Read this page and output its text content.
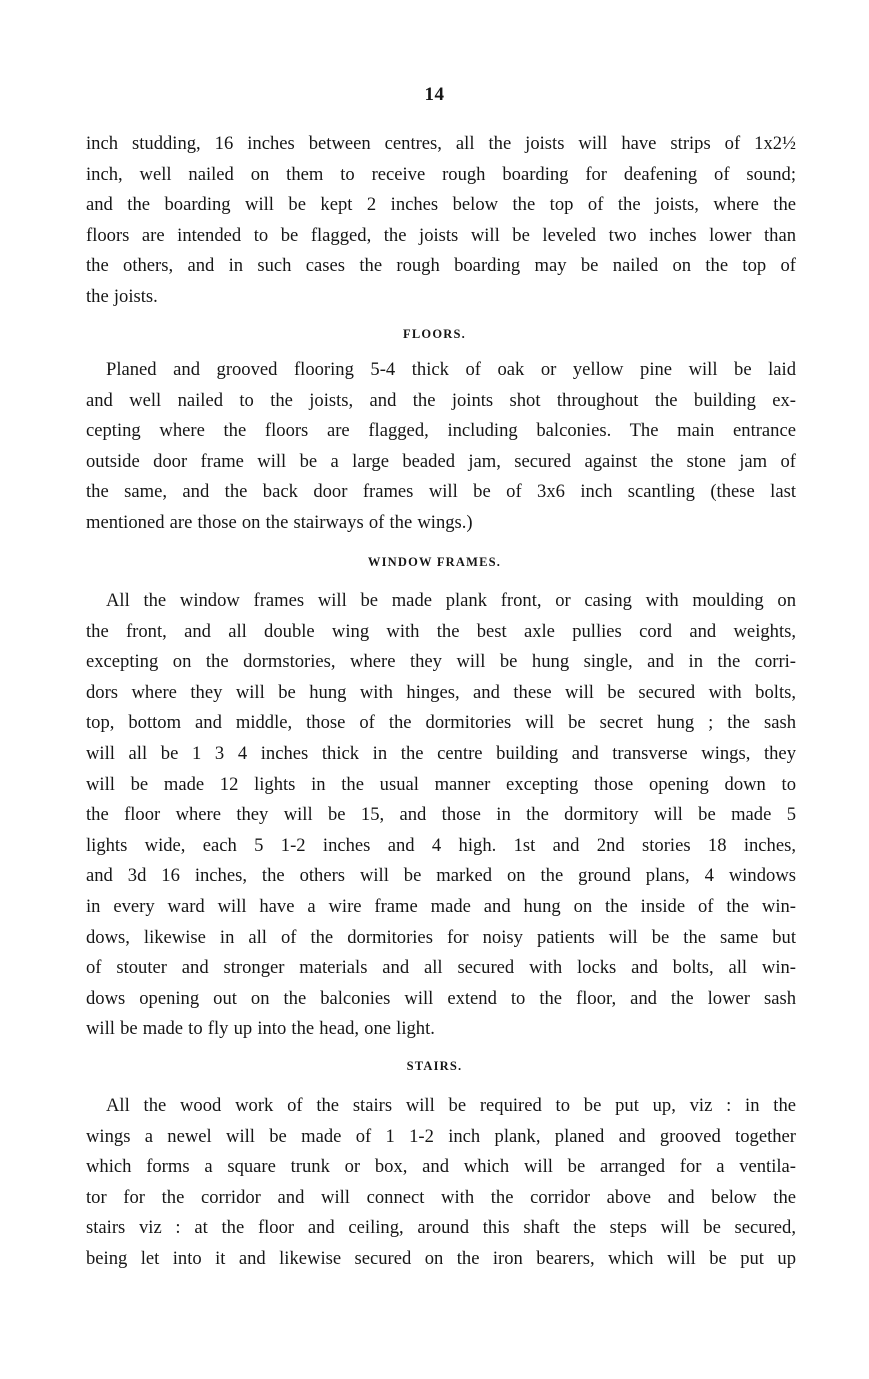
14
inch studding, 16 inches between centres, all the joists will have strips of 1x2½
inch, well nailed on them to receive rough boarding for deafening of sound;
and the boarding will be kept 2 inches below the top of the joists, where the
floors are intended to be flagged, the joists will be leveled two inches lower than
the others, and in such cases the rough boarding may be nailed on the top of
the joists.
FLOORS.
Planed and grooved flooring 5-4 thick of oak or yellow pine will be laid
and well nailed to the joists, and the joints shot throughout the building ex-
cepting where the floors are flagged, including balconies. The main entrance
outside door frame will be a large beaded jam, secured against the stone jam of
the same, and the back door frames will be of 3x6 inch scantling (these last
mentioned are those on the stairways of the wings.)
WINDOW FRAMES.
All the window frames will be made plank front, or casing with moulding on
the front, and all double wing with the best axle pullies cord and weights,
excepting on the dormstories, where they will be hung single, and in the corri-
dors where they will be hung with hinges, and these will be secured with bolts,
top, bottom and middle, those of the dormitories will be secret hung ; the sash
will all be 1 3 4 inches thick in the centre building and transverse wings, they
will be made 12 lights in the usual manner excepting those opening down to
the floor where they will be 15, and those in the dormitory will be made 5
lights wide, each 5 1-2 inches and 4 high. 1st and 2nd stories 18 inches,
and 3d 16 inches, the others will be marked on the ground plans, 4 windows
in every ward will have a wire frame made and hung on the inside of the win-
dows, likewise in all of the dormitories for noisy patients will be the same but
of stouter and stronger materials and all secured with locks and bolts, all win-
dows opening out on the balconies will extend to the floor, and the lower sash
will be made to fly up into the head, one light.
STAIRS.
All the wood work of the stairs will be required to be put up, viz : in the
wings a newel will be made of 1 1-2 inch plank, planed and grooved together
which forms a square trunk or box, and which will be arranged for a ventila-
tor for the corridor and will connect with the corridor above and below the
stairs viz : at the floor and ceiling, around this shaft the steps will be secured,
being let into it and likewise secured on the iron bearers, which will be put up
